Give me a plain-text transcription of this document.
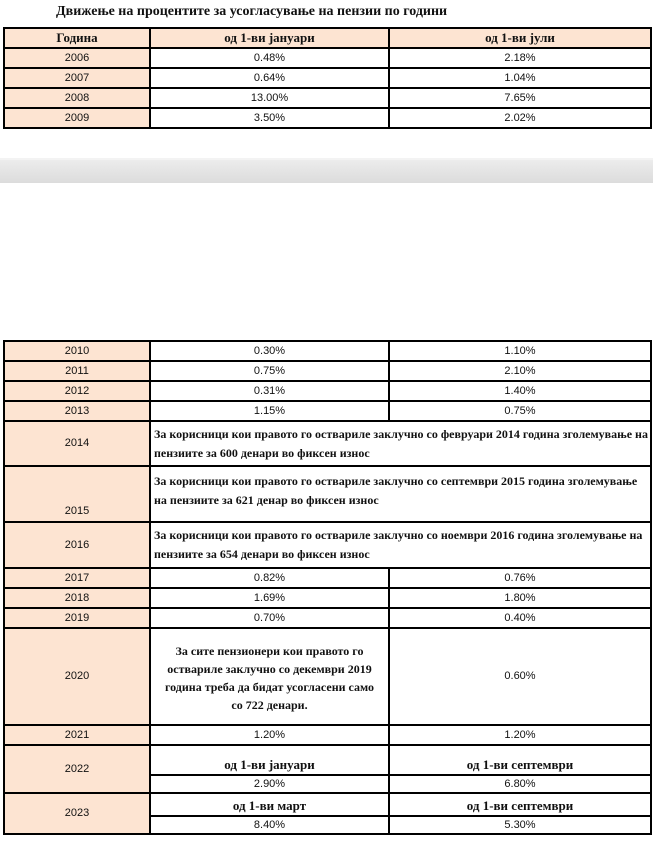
Движење на процентите за усогласување на пензии по години
Година	од 1-ви јануари	од 1-ви јули
2006	0.48%	2.18%
2007	0.64%	1.04%
2008	13.00%	7.65%
2009	3.50%	2.02%
2010	0.30%	1.10%
2011	0.75%	2.10%
2012	0.31%	1.40%
2013	1.15%	0.75%
2014	За корисници кои правото го оствариле заклучно со февруари 2014 година зголемување на пензиите за 600 денари во фиксен износ	
2015	За корисници кои правото го оствариле заклучно со септември 2015 година зголемување на пензиите за 621 денар во фиксен износ	
2016	За корисници кои правото го оствариле заклучно со ноември 2016 година зголемување на пензиите за 654 денари во фиксен износ	
2017	0.82%	0.76%
2018	1.69%	1.80%
2019	0.70%	0.40%
2020	За сите пензионери кои правото го оствариле заклучно со декември 2019 година треба да бидат усогласени само со 722 денари.	0.60%
2021	1.20%	1.20%
2022	од 1-ви јануари	од 1-ви септември
	2.90%	6.80%
2023	од 1-ви март	од 1-ви септември
	8.40%	5.30%
